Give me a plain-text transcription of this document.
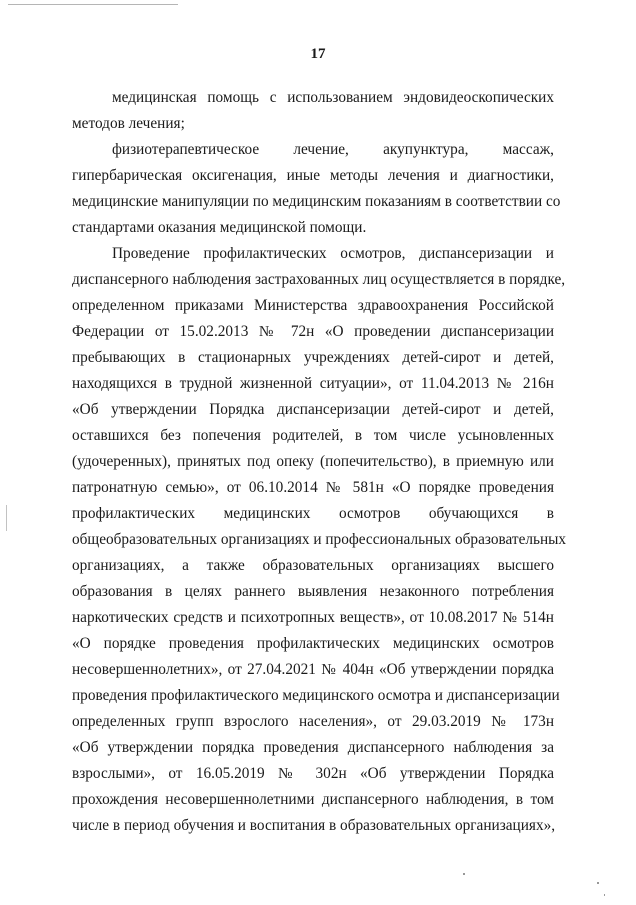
17
медицинская помощь с использованием эндовидеоскопических
методов лечения;
физиотерапевтическое лечение, акупунктура, массаж,
гипербарическая оксигенация, иные методы лечения и диагностики,
медицинские манипуляции по медицинским показаниям в соответствии со
стандартами оказания медицинской помощи.
Проведение профилактических осмотров, диспансеризации и
диспансерного наблюдения застрахованных лиц осуществляется в порядке,
определенном приказами Министерства здравоохранения Российской
Федерации от 15.02.2013 № 72н «О проведении диспансеризации
пребывающих в стационарных учреждениях детей-сирот и детей,
находящихся в трудной жизненной ситуации», от 11.04.2013 № 216н
«Об утверждении Порядка диспансеризации детей-сирот и детей,
оставшихся без попечения родителей, в том числе усыновленных
(удочеренных), принятых под опеку (попечительство), в приемную или
патронатную семью», от 06.10.2014 № 581н «О порядке проведения
профилактических медицинских осмотров обучающихся в
общеобразовательных организациях и профессиональных образовательных
организациях, а также образовательных организациях высшего
образования в целях раннего выявления незаконного потребления
наркотических средств и психотропных веществ», от 10.08.2017 № 514н
«О порядке проведения профилактических медицинских осмотров
несовершеннолетних», от 27.04.2021 № 404н «Об утверждении порядка
проведения профилактического медицинского осмотра и диспансеризации
определенных групп взрослого населения», от 29.03.2019 № 173н
«Об утверждении порядка проведения диспансерного наблюдения за
взрослыми», от 16.05.2019 № 302н «Об утверждении Порядка
прохождения несовершеннолетними диспансерного наблюдения, в том
числе в период обучения и воспитания в образовательных организациях»,
